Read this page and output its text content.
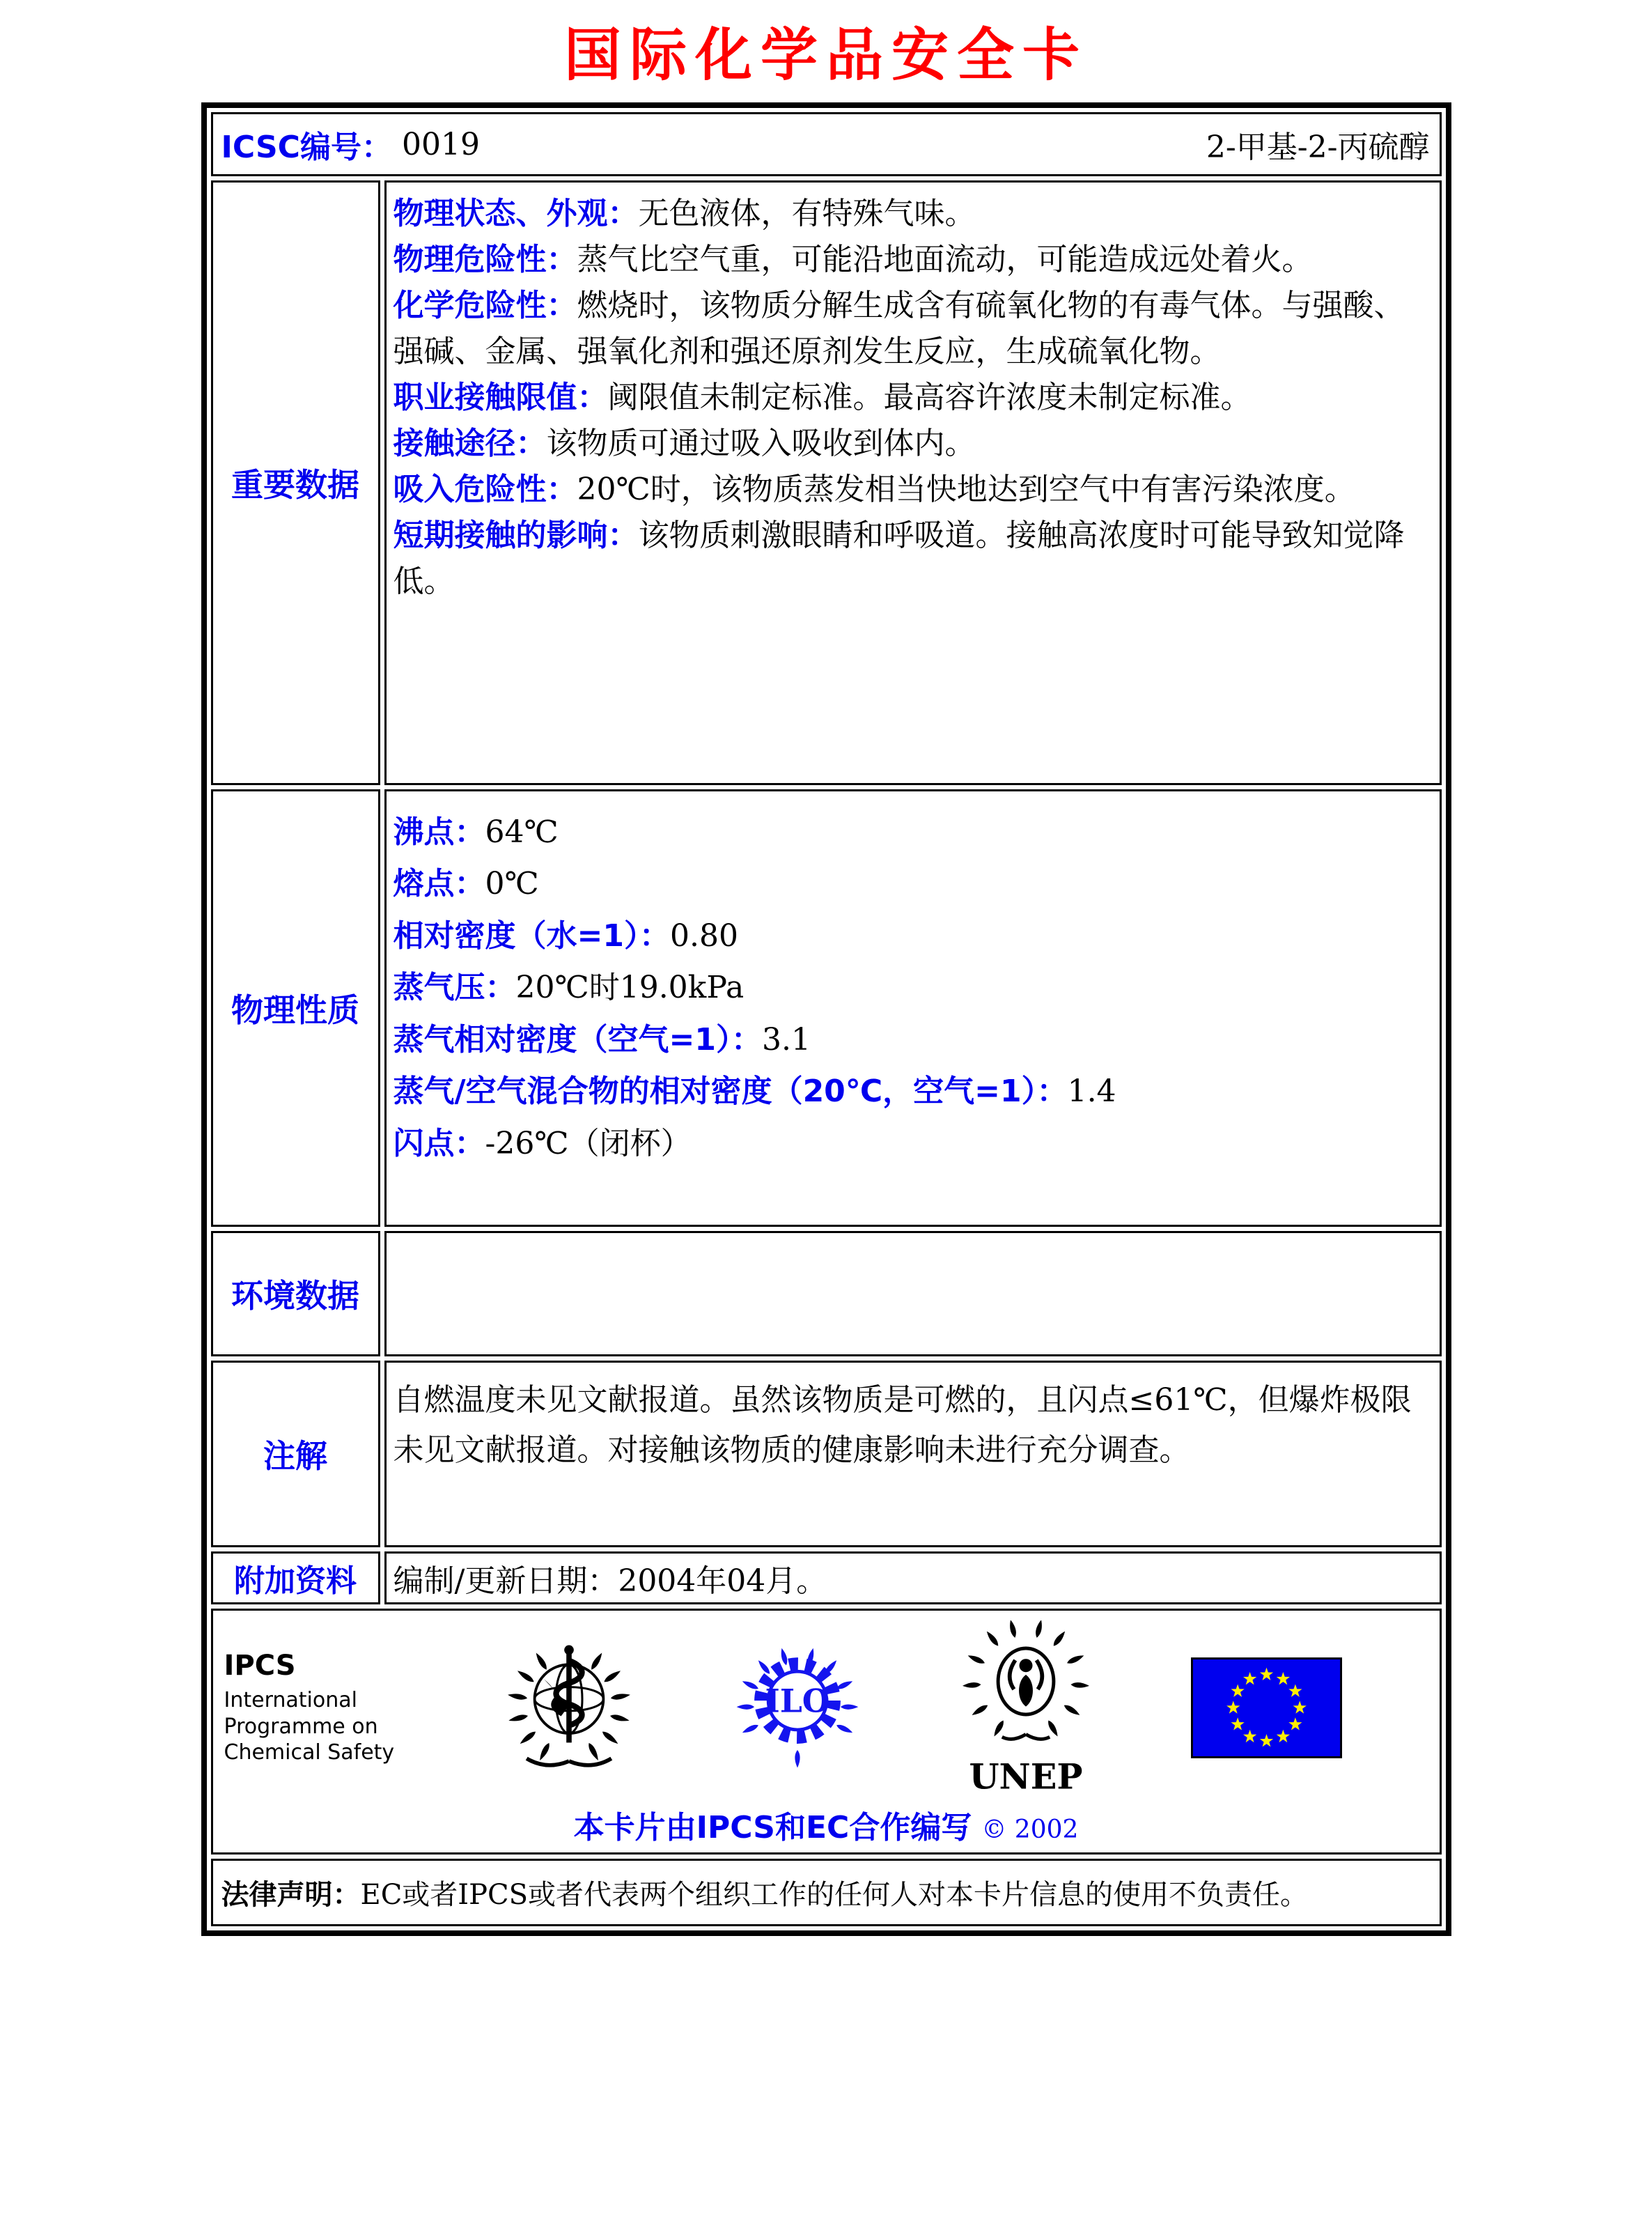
国际化学品安全卡
ICSC编号： 0019	2-甲基-2-丙硫醇
重要数据
物理状态、外观：无色液体，有特殊气味。
物理危险性：蒸气比空气重，可能沿地面流动，可能造成远处着火。
化学危险性：燃烧时，该物质分解生成含有硫氧化物的有毒气体。与强酸、强碱、金属、强氧化剂和强还原剂发生反应，生成硫氧化物。
职业接触限值：阈限值未制定标准。最高容许浓度未制定标准。
接触途径：该物质可通过吸入吸收到体内。
吸入危险性：20℃时，该物质蒸发相当快地达到空气中有害污染浓度。
短期接触的影响：该物质刺激眼睛和呼吸道。接触高浓度时可能导致知觉降低。
物理性质
沸点：64℃
熔点：0℃
相对密度（水=1）：0.80
蒸气压：20℃时19.0kPa
蒸气相对密度（空气=1）：3.1
蒸气/空气混合物的相对密度（20℃，空气=1）：1.4
闪点：-26℃（闭杯）
环境数据
注解
自燃温度未见文献报道。虽然该物质是可燃的，且闪点≤61℃，但爆炸极限未见文献报道。对接触该物质的健康影响未进行充分调查。
附加资料	编制/更新日期：2004年04月。
IPCS
International
Programme on
Chemical Safety
ILO
UNEP
本卡片由IPCS和EC合作编写 © 2002
法律声明： EC或者IPCS或者代表两个组织工作的任何人对本卡片信息的使用不负责任。
